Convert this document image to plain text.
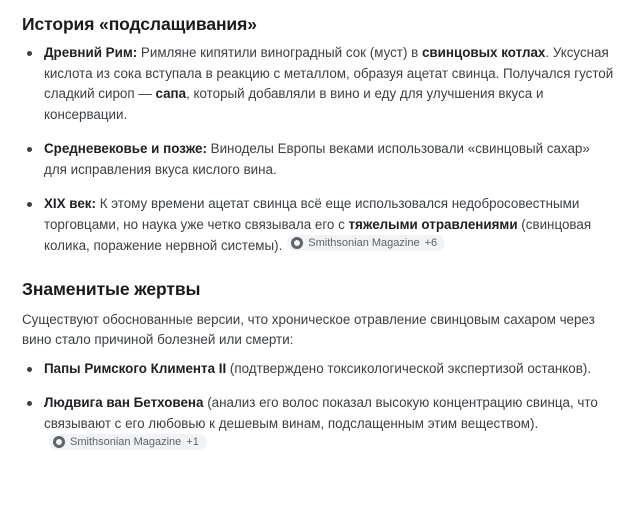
История «подслащивания»
Древний Рим: Римляне кипятили виноградный сок (муст) в свинцовых котлах. Уксусная кислота из сока вступала в реакцию с металлом, образуя ацетат свинца. Получался густой сладкий сироп — сапа, который добавляли в вино и еду для улучшения вкуса и консервации.
Средневековье и позже: Виноделы Европы веками использовали «свинцовый сахар» для исправления вкуса кислого вина.
XIX век: К этому времени ацетат свинца всё еще использовался недобросовестными торговцами, но наука уже четко связывала его с тяжелыми отравлениями (свинцовая колика, поражение нервной системы). Smithsonian Magazine +6
Знаменитые жертвы

Существуют обоснованные версии, что хроническое отравление свинцовым сахаром через вино стало причиной болезней или смерти:

Папы Римского Климента II (подтверждено токсикологической экспертизой останков).
Людвига ван Бетховена (анализ его волос показал высокую концентрацию свинца, что связывают с его любовью к дешевым винам, подслащенным этим веществом).
Smithsonian Magazine +1
